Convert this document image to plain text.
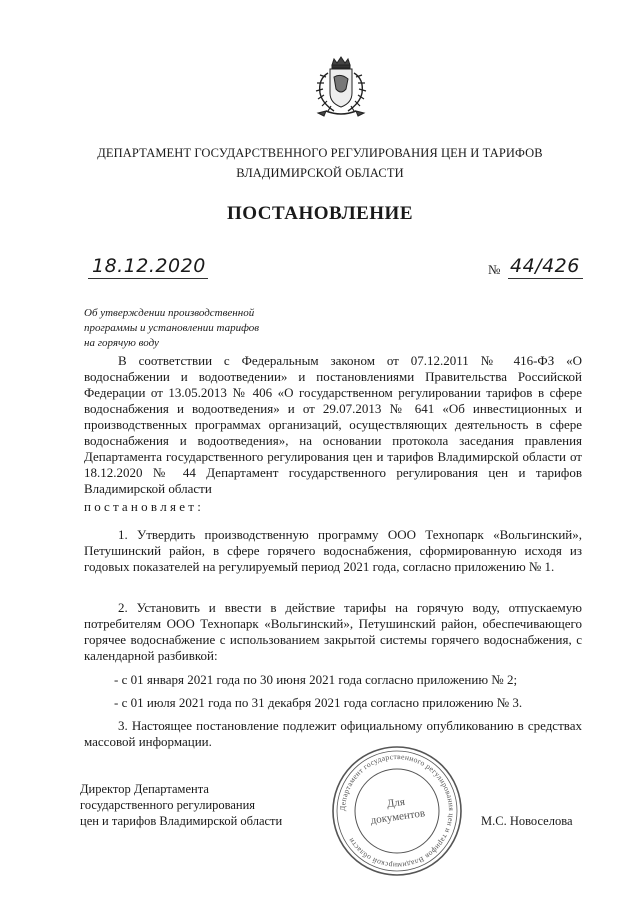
ДЕПАРТАМЕНТ ГОСУДАРСТВЕННОГО РЕГУЛИРОВАНИЯ ЦЕН И ТАРИФОВ
ВЛАДИМИРСКОЙ ОБЛАСТИ
ПОСТАНОВЛЕНИЕ
18.12.2020	№ 44/426
Об утверждении производственной
программы и установлении тарифов
на горячую воду
В соответствии с Федеральным законом от 07.12.2011 № 416-ФЗ «О водоснабжении и водоотведении» и постановлениями Правительства Российской Федерации от 13.05.2013 № 406 «О государственном регулировании тарифов в сфере водоснабжения и водоотведения» и от 29.07.2013 № 641 «Об инвестиционных и производственных программах организаций, осуществляющих деятельность в сфере водоснабжения и водоотведения», на основании протокола заседания правления Департамента государственного регулирования цен и тарифов Владимирской области от 18.12.2020 № 44 Департамент государственного регулирования цен и тарифов Владимирской области
п о с т а н о в л я е т :
1. Утвердить производственную программу ООО Технопарк «Вольгинский», Петушинский район, в сфере горячего водоснабжения, сформированную исходя из годовых показателей на регулируемый период 2021 года, согласно приложению № 1.
2. Установить и ввести в действие тарифы на горячую воду, отпускаемую потребителям ООО Технопарк «Вольгинский», Петушинский район, обеспечивающего горячее водоснабжение с использованием закрытой системы горячего водоснабжения, с календарной разбивкой:
- с 01 января 2021 года по 30 июня 2021 года согласно приложению № 2;
- с 01 июля 2021 года по 31 декабря 2021 года согласно приложению № 3.
3. Настоящее постановление подлежит официальному опубликованию в средствах массовой информации.
Директор Департамента
государственного регулирования
цен и тарифов Владимирской области	М.С. Новоселова
Департамент государственного регулирования цен и тарифов Владимирской области
Для
документов
